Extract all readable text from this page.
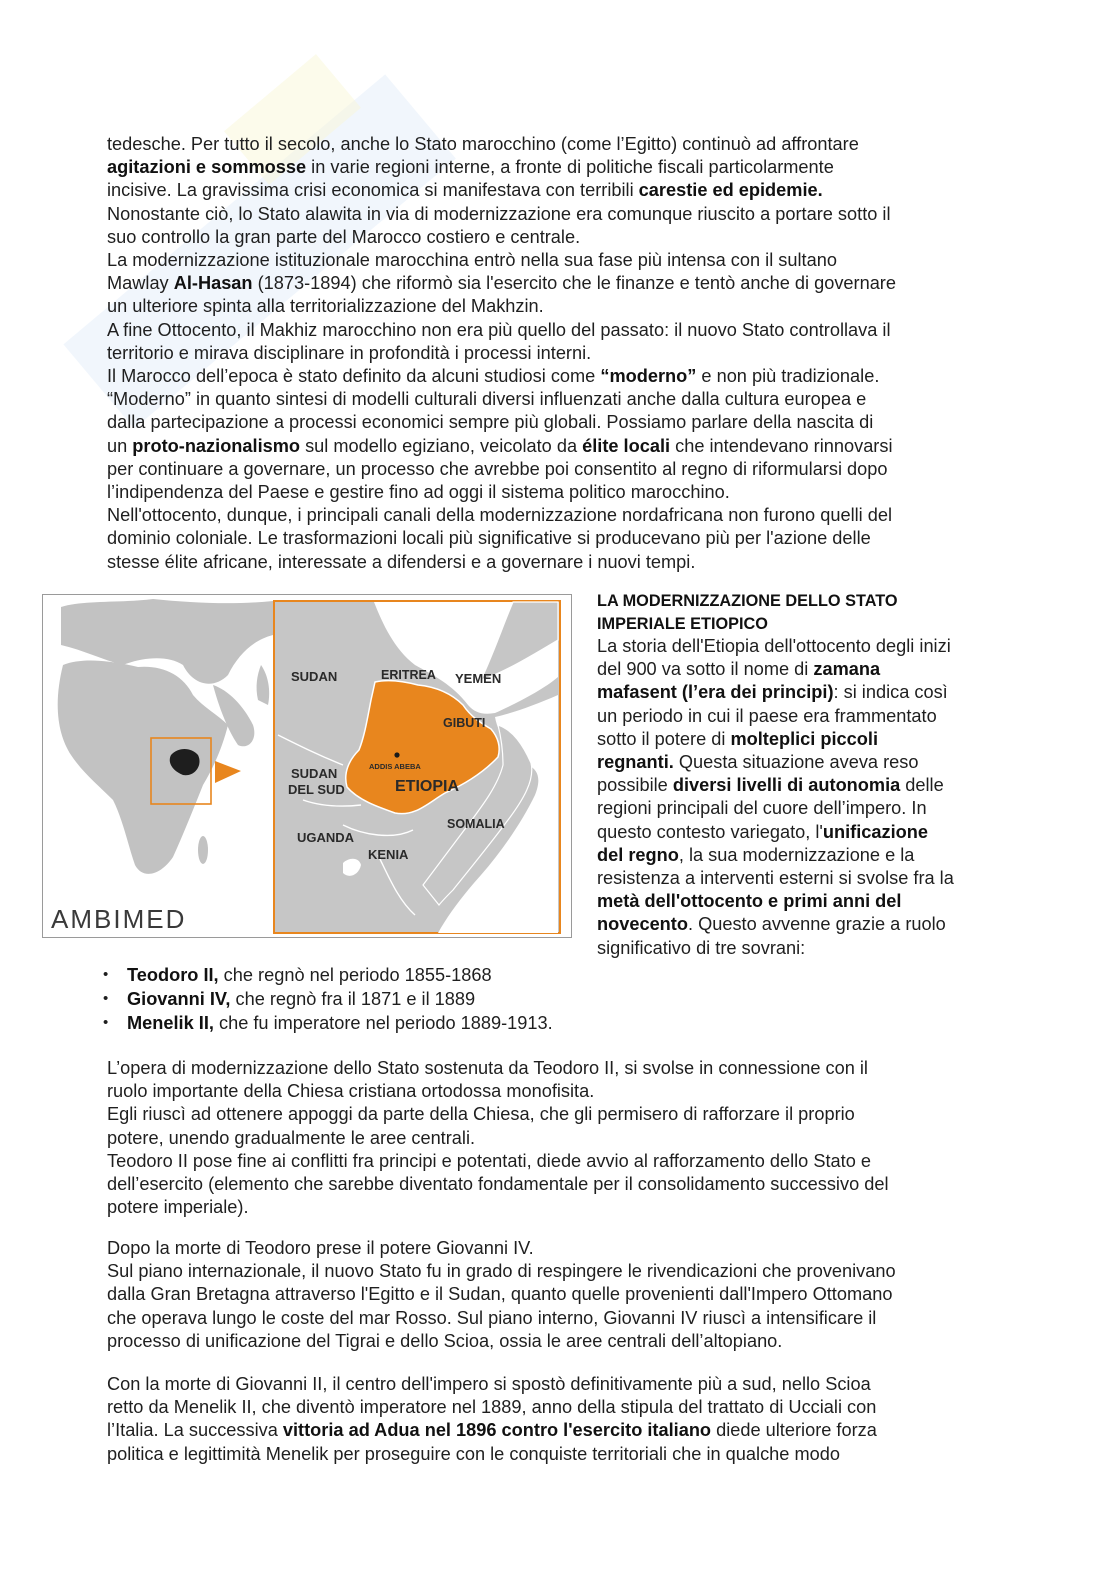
tedesche. Per tutto il secolo, anche lo Stato marocchino (come l’Egitto) continuò ad affrontare
agitazioni e sommosse in varie regioni interne, a fronte di politiche fiscali particolarmente
incisive. La gravissima crisi economica si manifestava con terribili carestie ed epidemie.
Nonostante ciò, lo Stato alawita in via di modernizzazione era comunque riuscito a portare sotto il
suo controllo la gran parte del Marocco costiero e centrale.
La modernizzazione istituzionale marocchina entrò nella sua fase più intensa con il sultano
Mawlay Al-Hasan (1873-1894) che riformò sia l'esercito che le finanze e tentò anche di governare
un ulteriore spinta alla territorializzazione del Makhzin.
A fine Ottocento, il Makhiz marocchino non era più quello del passato: il nuovo Stato controllava il
territorio e mirava disciplinare in profondità i processi interni.
Il Marocco dell’epoca è stato definito da alcuni studiosi come “moderno” e non più tradizionale.
“Moderno” in quanto sintesi di modelli culturali diversi influenzati anche dalla cultura europea e
dalla partecipazione a processi economici sempre più globali. Possiamo parlare della nascita di
un proto-nazionalismo sul modello egiziano, veicolato da élite locali che intendevano rinnovarsi
per continuare a governare, un processo che avrebbe poi consentito al regno di riformularsi dopo
l’indipendenza del Paese e gestire fino ad oggi il sistema politico marocchino.
Nell'ottocento, dunque, i principali canali della modernizzazione nordafricana non furono quelli del
dominio coloniale. Le trasformazioni locali più significative si producevano più per l'azione delle
stesse élite africane, interessate a difendersi e a governare i nuovi tempi.
SUDAN	ERITREA YEMEN
GIBUTI
ADDIS ABEBA
ETIOPIA
SUDAN
DEL SUD
SOMALIA
UGANDA
KENIA
AMBIMED
LA MODERNIZZAZIONE DELLO STATO
IMPERIALE ETIOPICO

La storia dell'Etiopia dell'ottocento degli inizi
del 900 va sotto il nome di zamana
mafasent (l’era dei principi): si indica così
un periodo in cui il paese era frammentato
sotto il potere di molteplici piccoli
regnanti. Questa situazione aveva reso
possibile diversi livelli di autonomia delle
regioni principali del cuore dell’impero. In
questo contesto variegato, l'unificazione
del regno, la sua modernizzazione e la
resistenza a interventi esterni si svolse fra la
metà dell'ottocento e primi anni del
novecento. Questo avvenne grazie a ruolo
significativo di tre sovrani:

• Teodoro II, che regnò nel periodo 1855-1868
• Giovanni IV, che regnò fra il 1871 e il 1889
• Menelik II, che fu imperatore nel periodo 1889-1913.
L’opera di modernizzazione dello Stato sostenuta da Teodoro II, si svolse in connessione con il
ruolo importante della Chiesa cristiana ortodossa monofisita.
Egli riuscì ad ottenere appoggi da parte della Chiesa, che gli permisero di rafforzare il proprio
potere, unendo gradualmente le aree centrali.
Teodoro II pose fine ai conflitti fra principi e potentati, diede avvio al rafforzamento dello Stato e
dell’esercito (elemento che sarebbe diventato fondamentale per il consolidamento successivo del
potere imperiale).
Dopo la morte di Teodoro prese il potere Giovanni IV.
Sul piano internazionale, il nuovo Stato fu in grado di respingere le rivendicazioni che provenivano
dalla Gran Bretagna attraverso l'Egitto e il Sudan, quanto quelle provenienti dall'Impero Ottomano
che operava lungo le coste del mar Rosso. Sul piano interno, Giovanni IV riuscì a intensificare il
processo di unificazione del Tigrai e dello Scioa, ossia le aree centrali dell’altopiano.
Con la morte di Giovanni II, il centro dell'impero si spostò definitivamente più a sud, nello Scioa
retto da Menelik II, che diventò imperatore nel 1889, anno della stipula del trattato di Ucciali con
l’Italia. La successiva vittoria ad Adua nel 1896 contro l'esercito italiano diede ulteriore forza
politica e legittimità Menelik per proseguire con le conquiste territoriali che in qualche modo
